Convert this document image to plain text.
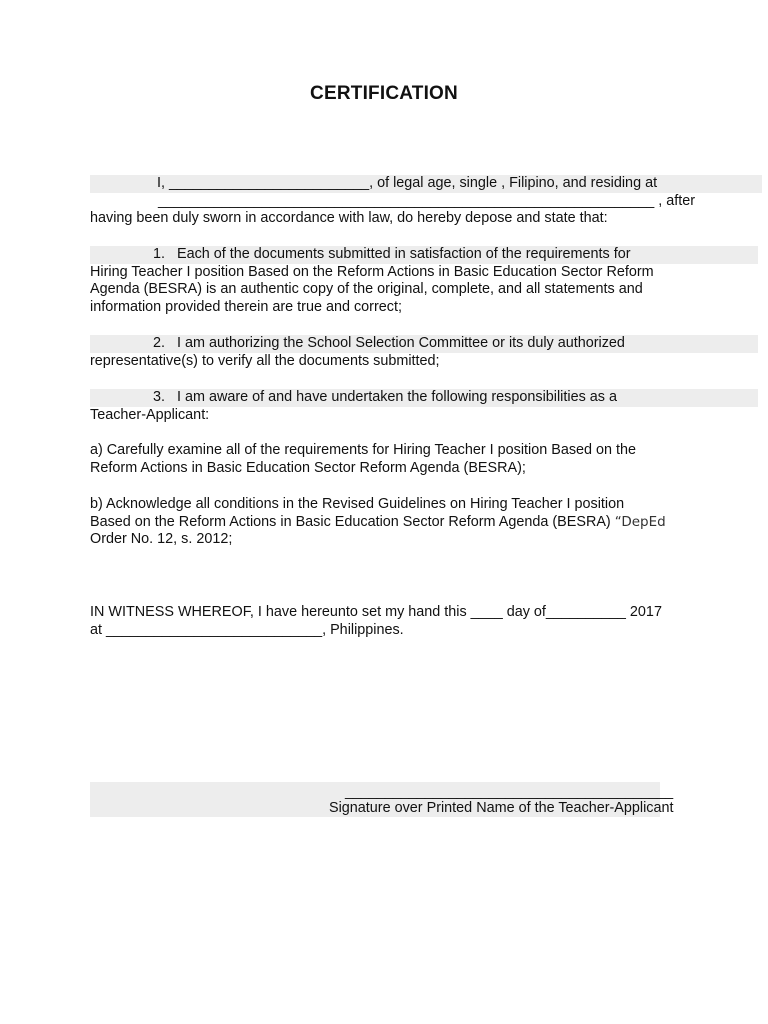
CERTIFICATION
I, _________________________, of legal age, single , Filipino, and residing at
______________________________________________________________ , after
having been duly sworn in accordance with law, do hereby depose and state that:
1.   Each of the documents submitted in satisfaction of the requirements for
Hiring Teacher I position Based on the Reform Actions in Basic Education Sector Reform
Agenda (BESRA) is an authentic copy of the original, complete, and all statements and
information provided therein are true and correct;
2.   I am authorizing the School Selection Committee or its duly authorized
representative(s) to verify all the documents submitted;
3.   I am aware of and have undertaken the following responsibilities as a
Teacher-Applicant:
a) Carefully examine all of the requirements for Hiring Teacher I position Based on the
Reform Actions in Basic Education Sector Reform Agenda (BESRA);
b) Acknowledge all conditions in the Revised Guidelines on Hiring Teacher I position
Based on the Reform Actions in Basic Education Sector Reform Agenda (BESRA) “DepEd
Order No. 12, s. 2012;
IN WITNESS WHEREOF, I have hereunto set my hand this ____ day of__________ 2017
at ___________________________, Philippines.
_________________________________________
Signature over Printed Name of the Teacher-Applicant
